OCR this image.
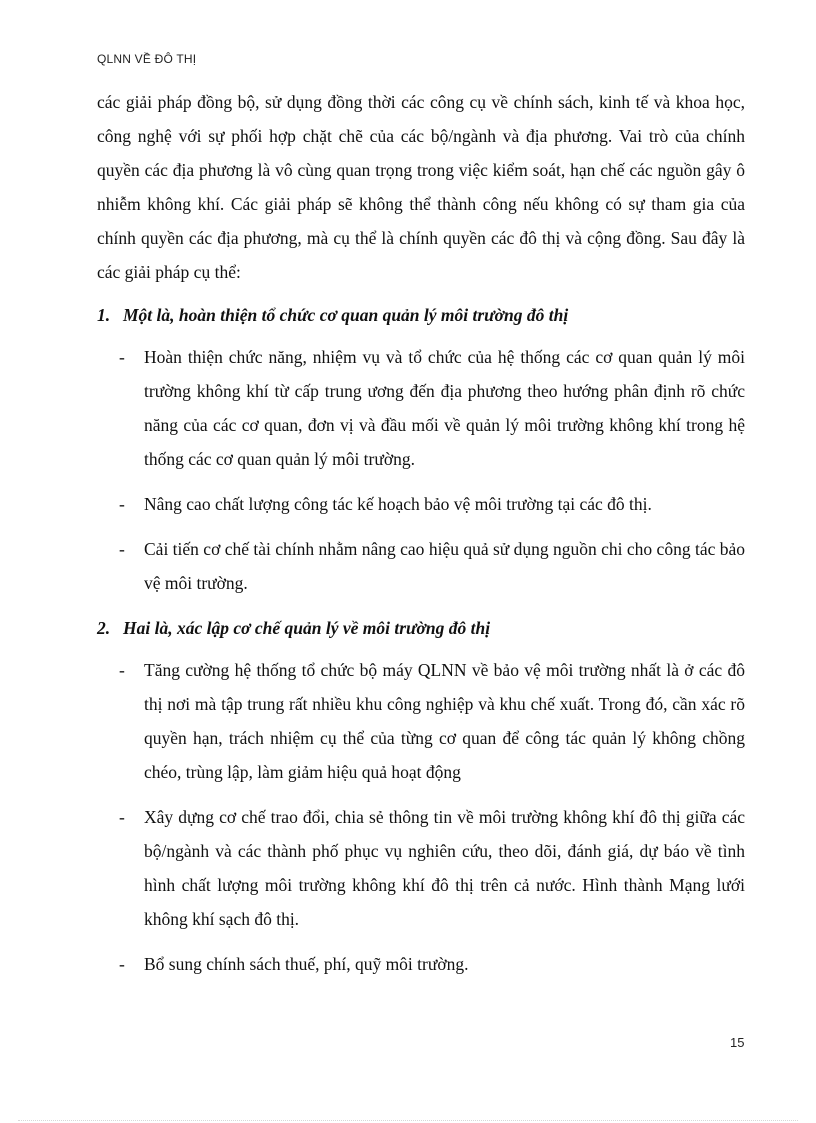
QLNN VỀ ĐÔ THỊ

các giải pháp đồng bộ, sử dụng đồng thời các công cụ về chính sách, kinh tế và khoa học, công nghệ với sự phối hợp chặt chẽ của các bộ/ngành và địa phương. Vai trò của chính quyền các địa phương là vô cùng quan trọng trong việc kiểm soát, hạn chế các nguồn gây ô nhiễm không khí. Các giải pháp sẽ không thể thành công nếu không có sự tham gia của chính quyền các địa phương, mà cụ thể là chính quyền các đô thị và cộng đồng. Sau đây là các giải pháp cụ thể:

1. Một là, hoàn thiện tổ chức cơ quan quản lý môi trường đô thị
- Hoàn thiện chức năng, nhiệm vụ và tổ chức của hệ thống các cơ quan quản lý môi trường không khí từ cấp trung ương đến địa phương theo hướng phân định rõ chức năng của các cơ quan, đơn vị và đầu mối về quản lý môi trường không khí trong hệ thống các cơ quan quản lý môi trường.
- Nâng cao chất lượng công tác kế hoạch bảo vệ môi trường tại các đô thị.
- Cải tiến cơ chế tài chính nhằm nâng cao hiệu quả sử dụng nguồn chi cho công tác bảo vệ môi trường.
2. Hai là, xác lập cơ chế quản lý về môi trường đô thị
- Tăng cường hệ thống tổ chức bộ máy QLNN về bảo vệ môi trường nhất là ở các đô thị nơi mà tập trung rất nhiều khu công nghiệp và khu chế xuất. Trong đó, cần xác rõ quyền hạn, trách nhiệm cụ thể của từng cơ quan để công tác quản lý không chồng chéo, trùng lập, làm giảm hiệu quả hoạt động
- Xây dựng cơ chế trao đổi, chia sẻ thông tin về môi trường không khí đô thị giữa các bộ/ngành và các thành phố phục vụ nghiên cứu, theo dõi, đánh giá, dự báo về tình hình chất lượng môi trường không khí đô thị trên cả nước. Hình thành Mạng lưới không khí sạch đô thị.
- Bổ sung chính sách thuế, phí, quỹ môi trường.
15
